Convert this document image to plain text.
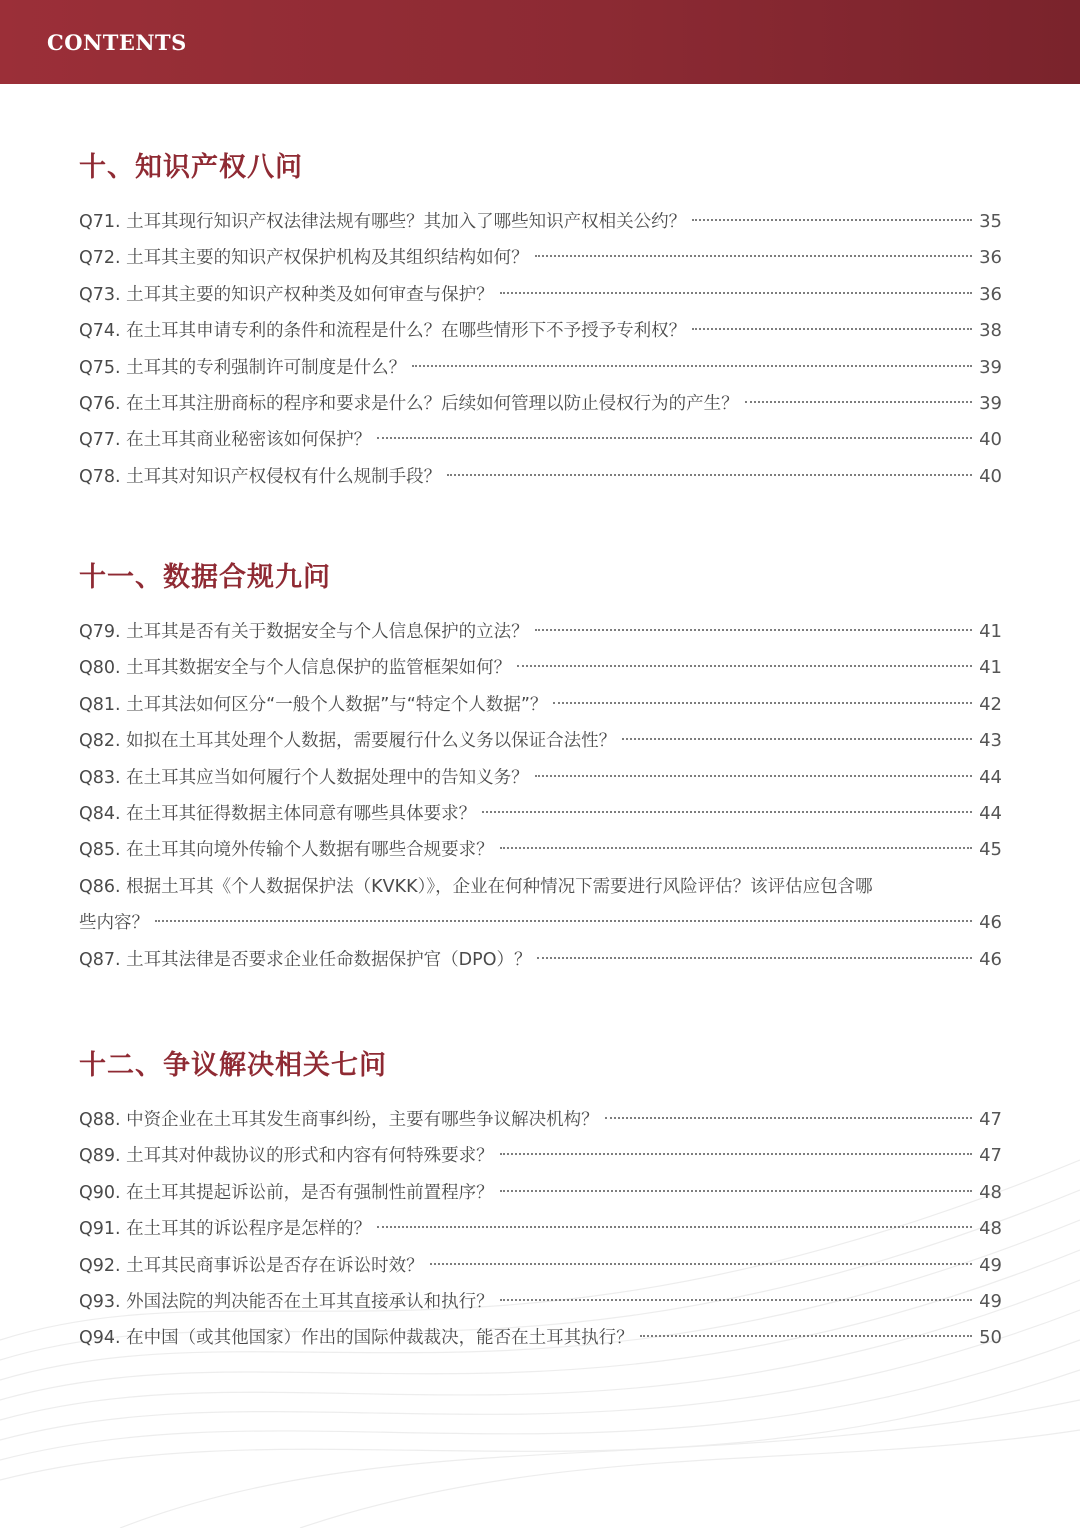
CONTENTS
十、知识产权八问
Q71. 土耳其现行知识产权法律法规有哪些？其加入了哪些知识产权相关公约？	35
Q72. 土耳其主要的知识产权保护机构及其组织结构如何？	36
Q73. 土耳其主要的知识产权种类及如何审查与保护？	36
Q74. 在土耳其申请专利的条件和流程是什么？在哪些情形下不予授予专利权？	38
Q75. 土耳其的专利强制许可制度是什么？	39
Q76. 在土耳其注册商标的程序和要求是什么？后续如何管理以防止侵权行为的产生？	39
Q77. 在土耳其商业秘密该如何保护？	40
Q78. 土耳其对知识产权侵权有什么规制手段？	40
十一、数据合规九问
Q79. 土耳其是否有关于数据安全与个人信息保护的立法？	41
Q80. 土耳其数据安全与个人信息保护的监管框架如何？	41
Q81. 土耳其法如何区分“一般个人数据”与“特定个人数据”？	42
Q82. 如拟在土耳其处理个人数据，需要履行什么义务以保证合法性？	43
Q83. 在土耳其应当如何履行个人数据处理中的告知义务？	44
Q84. 在土耳其征得数据主体同意有哪些具体要求？	44
Q85. 在土耳其向境外传输个人数据有哪些合规要求？	45
Q86. 根据土耳其《个人数据保护法（KVKK）》，企业在何种情况下需要进行风险评估？该评估应包含哪
些内容？	46
Q87. 土耳其法律是否要求企业任命数据保护官（DPO）？	46
十二、争议解决相关七问
Q88. 中资企业在土耳其发生商事纠纷，主要有哪些争议解决机构？	47
Q89. 土耳其对仲裁协议的形式和内容有何特殊要求？	47
Q90. 在土耳其提起诉讼前，是否有强制性前置程序？	48
Q91. 在土耳其的诉讼程序是怎样的？	48
Q92. 土耳其民商事诉讼是否存在诉讼时效？	49
Q93. 外国法院的判决能否在土耳其直接承认和执行？	49
Q94. 在中国（或其他国家）作出的国际仲裁裁决，能否在土耳其执行？	50
